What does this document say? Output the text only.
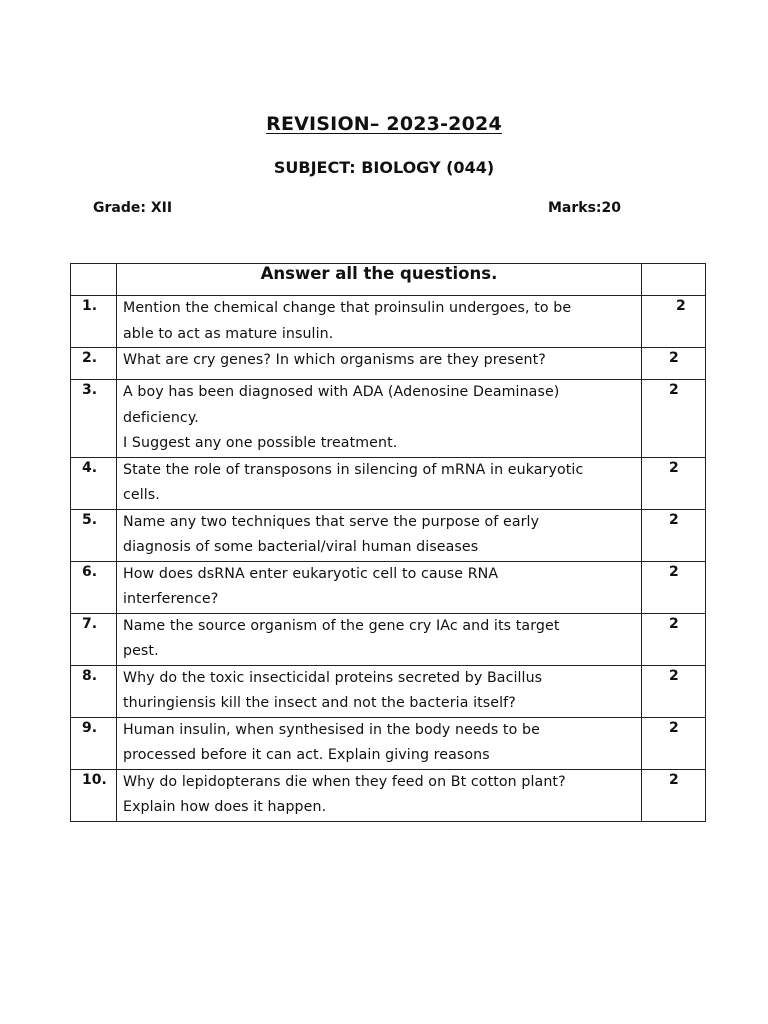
REVISION– 2023-2024
SUBJECT: BIOLOGY (044)
Grade: XII	Marks:20
	Answer all the questions.	
1.	Mention the chemical change that proinsulin undergoes, to be
able to act as mature insulin.	2
2.	What are cry genes? In which organisms are they present?	2
3.	A boy has been diagnosed with ADA (Adenosine Deaminase)
deficiency.
I Suggest any one possible treatment.	2
4.	State the role of transposons in silencing of mRNA in eukaryotic
cells.	2
5.	Name any two techniques that serve the purpose of early
diagnosis of some bacterial/viral human diseases	2
6.	How does dsRNA enter eukaryotic cell to cause RNA
interference?	2
7.	Name the source organism of the gene cry IAc and its target
pest.	2
8.	Why do the toxic insecticidal proteins secreted by Bacillus
thuringiensis kill the insect and not the bacteria itself?	2
9.	Human insulin, when synthesised in the body needs to be
processed before it can act. Explain giving reasons	2
10.	Why do lepidopterans die when they feed on Bt cotton plant?
Explain how does it happen.	2
